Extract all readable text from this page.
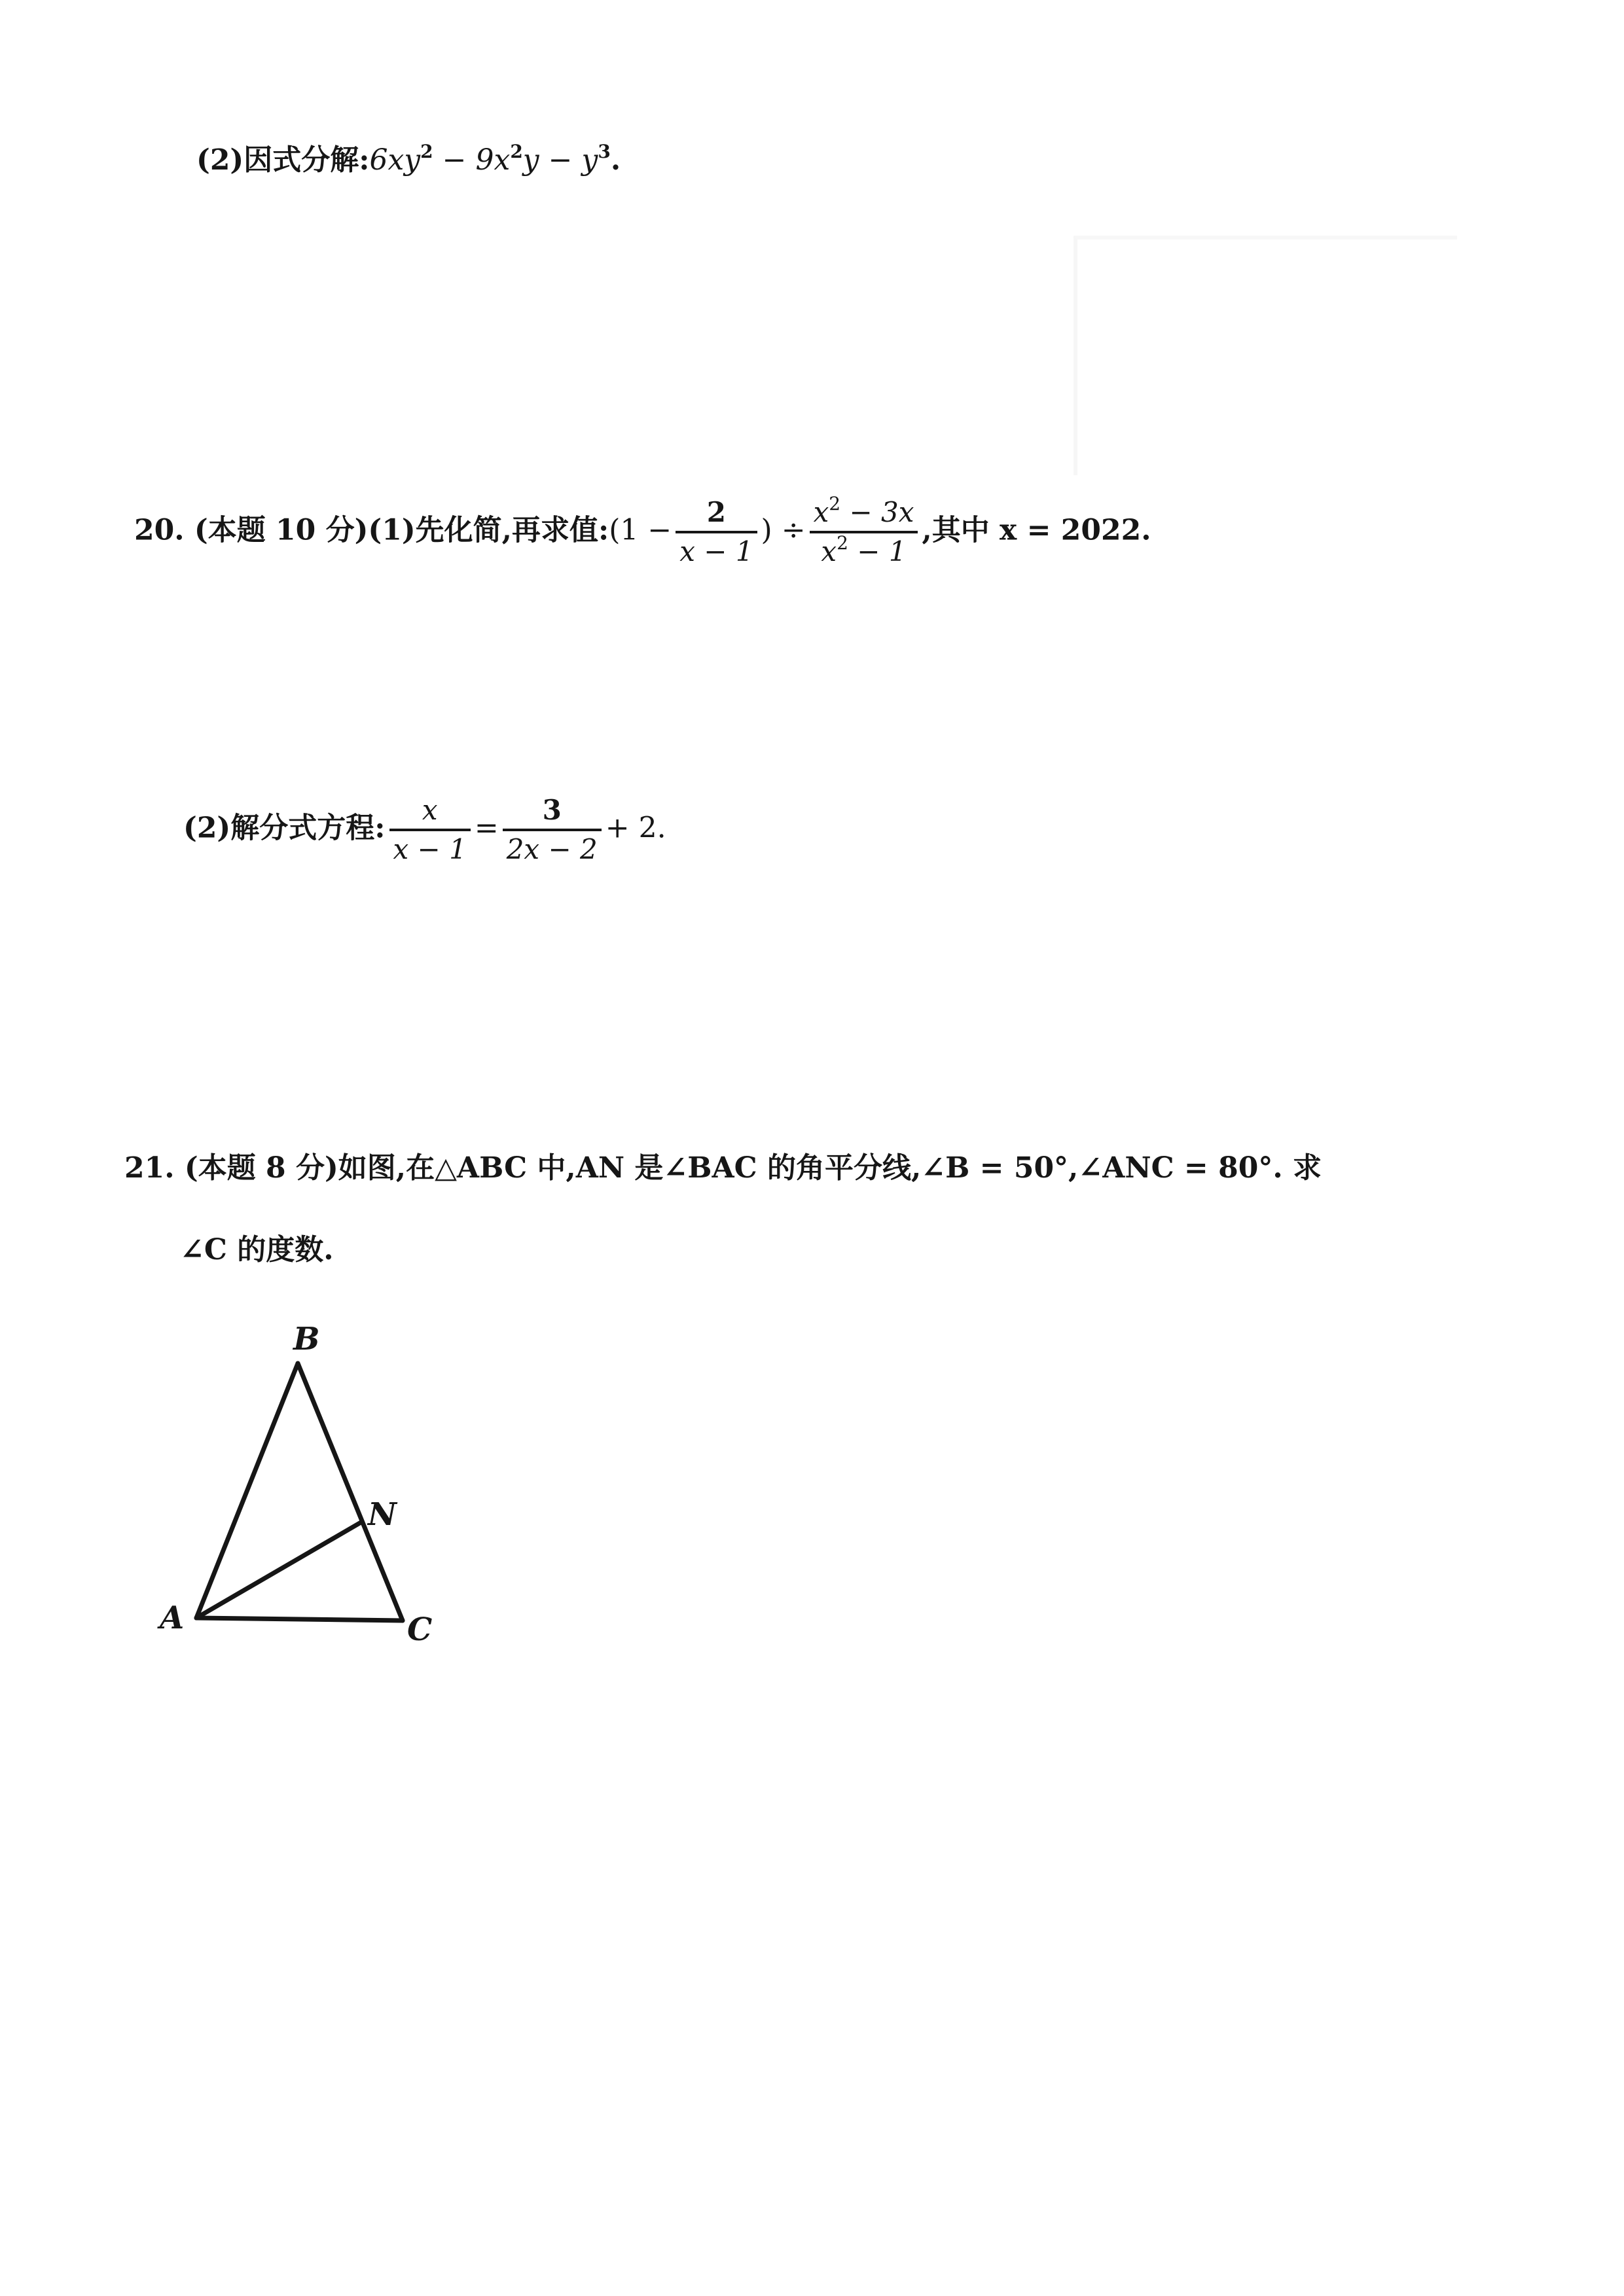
(2)因式分解$:6xy^2 - 9x^2y - y^3$.
20. (本题 10 分)(1)先化简,再求值:(1 − $\frac{2}{x - 1}$ ) ÷ $\frac{x^2 - 3x}{x^2 - 1}$ ,其中 x = 2022.
(2)解分式方程: $\frac{x}{x - 1} = \frac{3}{2x - 2} + 2$.
21. (本题 8 分)如图,在△ABC 中,AN 是∠BAC 的角平分线,∠B = 50°,∠ANC = 80°. 求
∠C 的度数.
B
N
A	C
